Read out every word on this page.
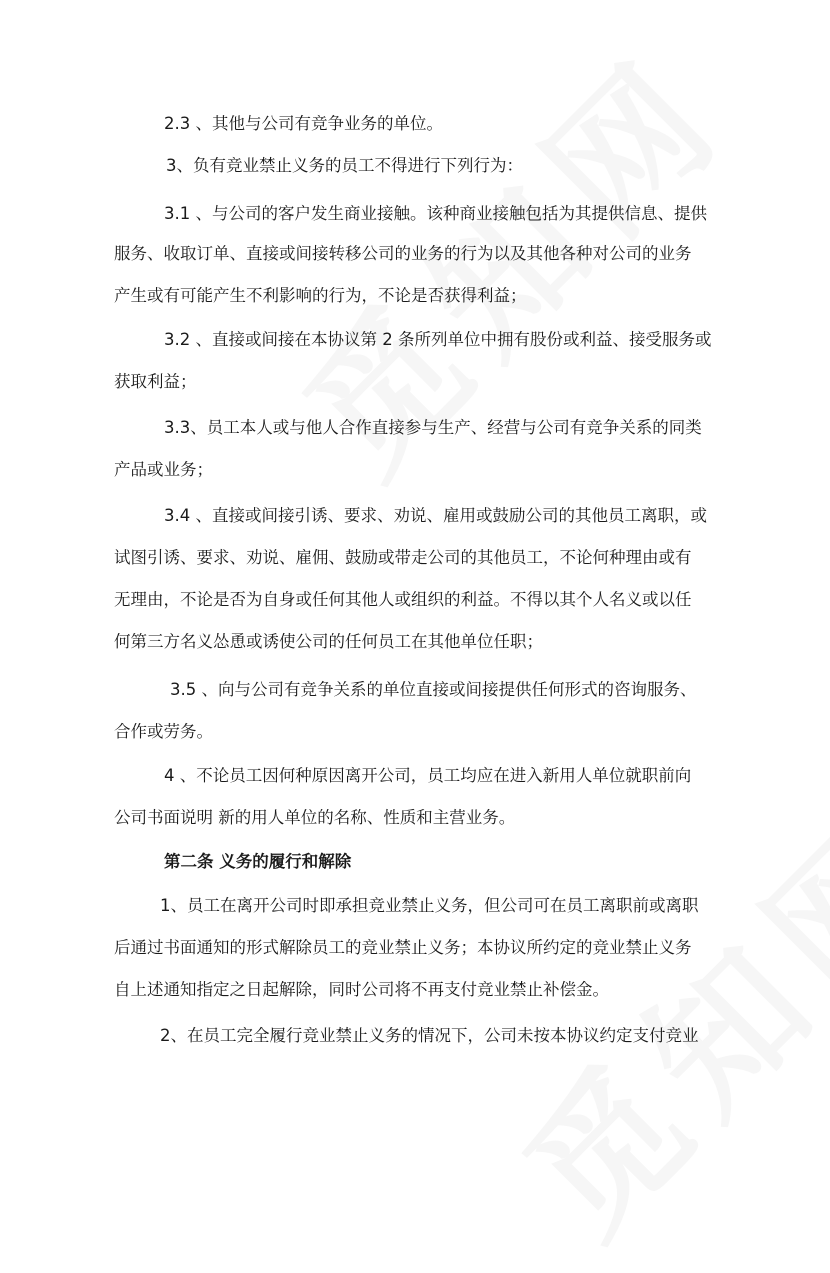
2.3 、其他与公司有竞争业务的单位。
3、负有竞业禁止义务的员工不得进行下列行为：
3.1 、与公司的客户发生商业接触。该种商业接触包括为其提供信息、提供
服务、收取订单、直接或间接转移公司的业务的行为以及其他各种对公司的业务
产生或有可能产生不利影响的行为，不论是否获得利益；
3.2 、直接或间接在本协议第 2 条所列单位中拥有股份或利益、接受服务或
获取利益；
3.3、员工本人或与他人合作直接参与生产、经营与公司有竞争关系的同类
产品或业务；
3.4 、直接或间接引诱、要求、劝说、雇用或鼓励公司的其他员工离职，或
试图引诱、要求、劝说、雇佣、鼓励或带走公司的其他员工，不论何种理由或有
无理由，不论是否为自身或任何其他人或组织的利益。不得以其个人名义或以任
何第三方名义怂恿或诱使公司的任何员工在其他单位任职；
3.5 、向与公司有竞争关系的单位直接或间接提供任何形式的咨询服务、
合作或劳务。
4 、不论员工因何种原因离开公司，员工均应在进入新用人单位就职前向
公司书面说明 新的用人单位的名称、性质和主营业务。
第二条 义务的履行和解除
1、员工在离开公司时即承担竞业禁止义务，但公司可在员工离职前或离职
后通过书面通知的形式解除员工的竞业禁止义务；本协议所约定的竞业禁止义务
自上述通知指定之日起解除，同时公司将不再支付竞业禁止补偿金。
2、在员工完全履行竞业禁止义务的情况下，公司未按本协议约定支付竞业
